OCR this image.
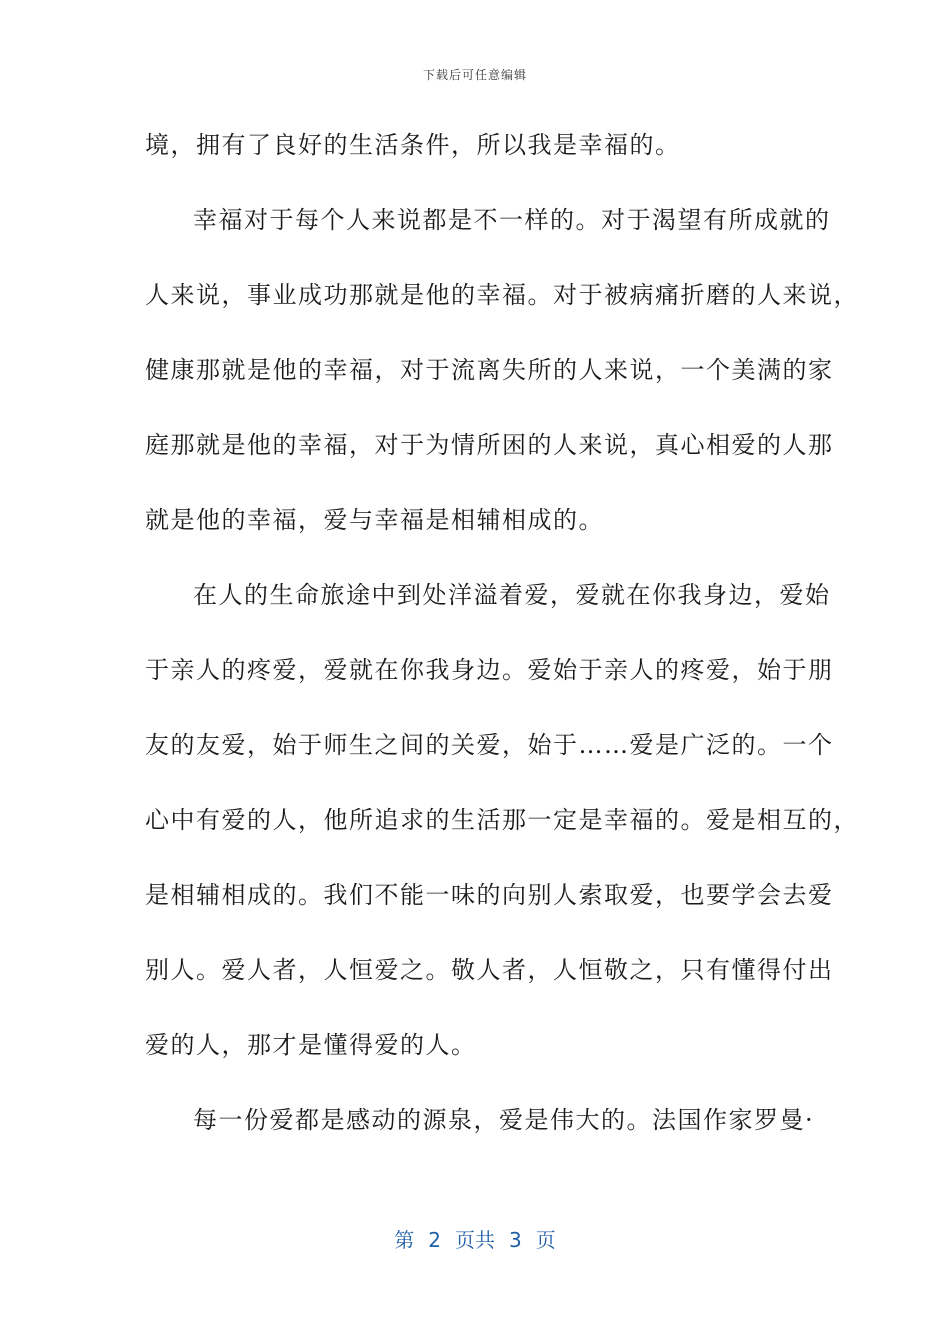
下载后可任意编辑
境，拥有了良好的生活条件，所以我是幸福的。
幸福对于每个人来说都是不一样的。对于渴望有所成就的
人来说，事业成功那就是他的幸福。对于被病痛折磨的人来说，
健康那就是他的幸福，对于流离失所的人来说，一个美满的家
庭那就是他的幸福，对于为情所困的人来说，真心相爱的人那
就是他的幸福，爱与幸福是相辅相成的。
在人的生命旅途中到处洋溢着爱，爱就在你我身边，爱始
于亲人的疼爱，爱就在你我身边。爱始于亲人的疼爱，始于朋
友的友爱，始于师生之间的关爱，始于……爱是广泛的。一个
心中有爱的人，他所追求的生活那一定是幸福的。爱是相互的，
是相辅相成的。我们不能一味的向别人索取爱，也要学会去爱
别人。爱人者，人恒爱之。敬人者，人恒敬之，只有懂得付出
爱的人，那才是懂得爱的人。
每一份爱都是感动的源泉，爱是伟大的。法国作家罗曼·
第 2 页共 3 页
